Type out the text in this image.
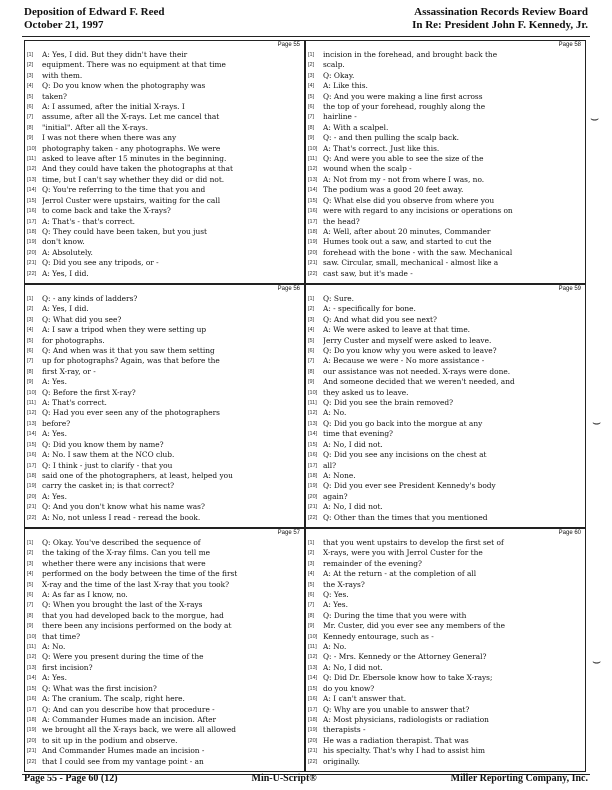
Deposition of Edward F. Reed
October 21, 1997
Assassination Records Review Board
In Re: President John F. Kennedy, Jr.
Page 55
[1]	A: Yes, I did. But they didn't have their
[2]	equipment. There was no equipment at that time
[3]	with them.
[4]	Q: Do you know when the photography was
[5]	taken?
[6]	A: I assumed, after the initial X-rays. I
[7]	assume, after all the X-rays. Let me cancel that
[8]	"initial". After all the X-rays.
[9]	I was not there when there was any
[10] photography taken - any photographs. We were
[11] asked to leave after 15 minutes in the beginning.
[12] And they could have taken the photographs at that
[13] time, but I can't say whether they did or did not.
[14] Q: You're referring to the time that you and
[15] Jerrol Custer were upstairs, waiting for the call
[16] to come back and take the X-rays?
[17] A: That's - that's correct.
[18] Q: They could have been taken, but you just
[19] don't know.
[20] A: Absolutely.
[21] Q: Did you see any tripods, or -
[22] A: Yes, I did.
Page 56
[1]	Q: - any kinds of ladders?
[2]	A: Yes, I did.
[3]	Q: What did you see?
[4]	A: I saw a tripod when they were setting up
[5]	for photographs.
[6]	Q: And when was it that you saw them setting
[7]	up for photographs? Again, was that before the
[8]	first X-ray, or -
[9]	A: Yes.
[10] Q: Before the first X-ray?
[11] A: That's correct.
[12] Q: Had you ever seen any of the photographers
[13] before?
[14] A: Yes.
[15] Q: Did you know them by name?
[16] A: No. I saw them at the NCO club.
[17] Q: I think - just to clarify - that you
[18] said one of the photographers, at least, helped you
[19] carry the casket in; is that correct?
[20] A: Yes.
[21] Q: And you don't know what his name was?
[22] A: No, not unless I read - reread the book.
Page 57
[1]	Q: Okay. You've described the sequence of
[2]	the taking of the X-ray films. Can you tell me
[3]	whether there were any incisions that were
[4]	performed on the body between the time of the first
[5]	X-ray and the time of the last X-ray that you took?
[6]	A: As far as I know, no.
[7]	Q: When you brought the last of the X-rays
[8]	that you had developed back to the morgue, had
[9]	there been any incisions performed on the body at
[10] that time?
[11] A: No.
[12] Q: Were you present during the time of the
[13] first incision?
[14] A: Yes.
[15] Q: What was the first incision?
[16] A: The cranium. The scalp, right here.
[17] Q: And can you describe how that procedure -
[18] A: Commander Humes made an incision. After
[19] we brought all the X-rays back, we were all allowed
[20] to sit up in the podium and observe.
[21] And Commander Humes made an incision -
[22] that I could see from my vantage point - an
Page 58
[1]	incision in the forehead, and brought back the
[2]	scalp.
[3]	Q: Okay.
[4]	A: Like this.
[5]	Q: And you were making a line first across
[6]	the top of your forehead, roughly along the
[7]	hairline -
[8]	A: With a scalpel.
[9]	Q: - and then pulling the scalp back.
[10] A: That's correct. Just like this.
[11] Q: And were you able to see the size of the
[12] wound when the scalp -
[13] A: Not from my - not from where I was, no.
[14] The podium was a good 20 feet away.
[15] Q: What else did you observe from where you
[16] were with regard to any incisions or operations on
[17] the head?
[18] A: Well, after about 20 minutes, Commander
[19] Humes took out a saw, and started to cut the
[20] forehead with the bone - with the saw. Mechanical
[21] saw. Circular, small, mechanical - almost like a
[22] cast saw, but it's made -
Page 59
[1]	Q: Sure.
[2]	A: - specifically for bone.
[3]	Q: And what did you see next?
[4]	A: We were asked to leave at that time.
[5]	Jerry Custer and myself were asked to leave.
[6]	Q: Do you know why you were asked to leave?
[7]	A: Because we were - No more assistance -
[8]	our assistance was not needed. X-rays were done.
[9]	And someone decided that we weren't needed, and
[10] they asked us to leave.
[11] Q: Did you see the brain removed?
[12] A: No.
[13] Q: Did you go back into the morgue at any
[14] time that evening?
[15] A: No, I did not.
[16] Q: Did you see any incisions on the chest at
[17] all?
[18] A: None.
[19] Q: Did you ever see President Kennedy's body
[20] again?
[21] A: No, I did not.
[22] Q: Other than the times that you mentioned
Page 60
[1]	that you went upstairs to develop the first set of
[2]	X-rays, were you with Jerrol Custer for the
[3]	remainder of the evening?
[4]	A: At the return - at the completion of all
[5]	the X-rays?
[6]	Q: Yes.
[7]	A: Yes.
[8]	Q: During the time that you were with
[9]	Mr. Custer, did you ever see any members of the
[10] Kennedy entourage, such as -
[11] A: No.
[12] Q: - Mrs. Kennedy or the Attorney General?
[13] A: No, I did not.
[14] Q: Did Dr. Ebersole know how to take X-rays;
[15] do you know?
[16] A: I can't answer that.
[17] Q: Why are you unable to answer that?
[18] A: Most physicians, radiologists or radiation
[19] therapists -
[20] He was a radiation therapist. That was
[21] his specialty. That's why I had to assist him
[22] originally.
⌣
⌣
⌣
Page 55 - Page 60 (12)	Min-U-Script®	Miller Reporting Company, Inc.
